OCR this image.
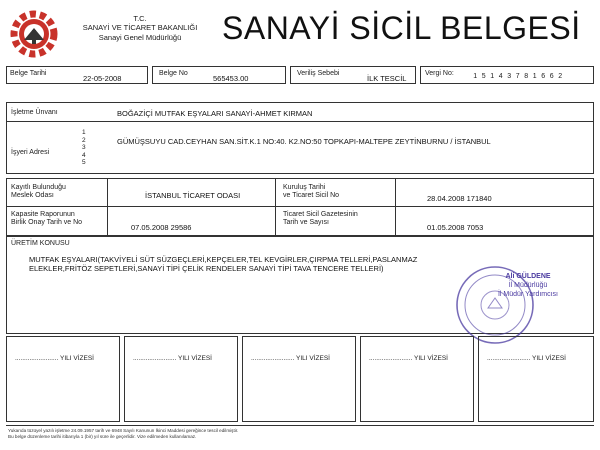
T.C.
SANAYİ VE TİCARET BAKANLIĞI
Sanayi Genel Müdürlüğü	SANAYİ SİCİL BELGESİ
Belge Tarihi
22-05-2008
Belge No
565453.00
Veriliş Sebebi
İLK TESCİL
Vergi No:	1 5 1 4 3 7 8 1 6 6 2
İşletme Ünvanı	BOĞAZİÇİ MUTFAK EŞYALARI SANAYİ-AHMET KIRMAN
İşyeri Adresi
1
2
3
4
5
GÜMÜŞSUYU CAD.CEYHAN SAN.SİT.K.1 NO:40. K2.NO:50 TOPKAPI-MALTEPE ZEYTİNBURNU / İSTANBUL
Kayıtlı Bulunduğu
Meslek Odası	İSTANBUL TİCARET ODASI
Kuruluş Tarihi
ve Ticaret Sicil No	28.04.2008 171840
Kapasite Raporunun
Birlik Onay Tarih ve No
07.05.2008 29586
Ticaret Sicil Gazetesinin
Tarih ve Sayısı
01.05.2008 7053
ÜRETİM KONUSU
MUTFAK EŞYALARI(TAKVİYELİ SÜT SÜZGEÇLERİ,KEPÇELER,TEL KEVGİRLER,ÇIRPMA TELLERİ,PASLANMAZ
ELEKLER,FRİTÖZ SEPETLERİ,SANAYİ TİPİ ÇELİK RENDELER SANAYİ TİPİ TAVA TENCERE TELLERİ)
Ali GÜLDENE
İl Müdürlüğü
İl Müdür Yardımcısı
........................ YILI VİZESİ	........................ YILI VİZESİ	........................ YILI VİZESİ	........................ YILI VİZESİ	........................ YILI VİZESİ
Yukarıda tüzüyel yazılı işletme 24.09.1957 tarih ve 6948 Sayılı Kanunun İkinci Maddesi gereğince tescil edilmiştir.
Bu belge düzenleme tarihi itibarıyla 1 (bir) yıl süre ile geçerlidir. Vize edilmeden kullanılamaz.
